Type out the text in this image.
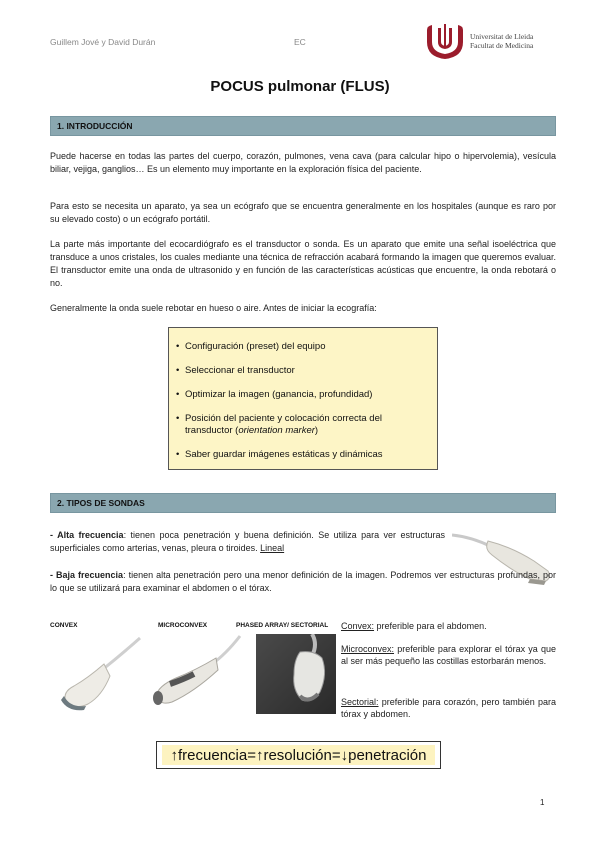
Guillem Jové y David Durán	EC
Universitat de Lleida
Facultat de Medicina
POCUS pulmonar (FLUS)
1. INTRODUCCIÓN
Puede hacerse en todas las partes del cuerpo, corazón, pulmones, vena cava (para calcular hipo o hipervolemia), vesícula biliar, vejiga, ganglios… Es un elemento muy importante en la exploración física del paciente.
Para esto se necesita un aparato, ya sea un ecógrafo que se encuentra generalmente en los hospitales (aunque es raro por su elevado costo) o un ecógrafo portátil.
La parte más importante del ecocardiógrafo es el transductor o sonda. Es un aparato que emite una señal isoeléctrica que transduce a unos cristales, los cuales mediante una técnica de refracción acabará formando la imagen que queremos evaluar. El transductor emite una onda de ultrasonido y en función de las características acústicas que encuentre, la onda rebotará o no.
Generalmente la onda suele rebotar en hueso o aire. Antes de iniciar la ecografía:
• Configuración (preset) del equipo
• Seleccionar el transductor
• Optimizar la imagen (ganancia, profundidad)
• Posición del paciente y colocación correcta del
transductor (orientation marker)
• Saber guardar imágenes estáticas y dinámicas
2. TIPOS DE SONDAS
- Alta frecuencia: tienen poca penetración y buena definición. Se utiliza para ver estructuras superficiales como arterias, venas, pleura o tiroides. Lineal
- Baja frecuencia: tienen alta penetración pero una menor definición de la imagen. Podremos ver estructuras profundas, por lo que se utilizará para examinar el abdomen o el tórax.
CONVEX	MICROCONVEX	PHASED ARRAY/ SECTORIAL Convex: preferible para el abdomen.
Microconvex: preferible para explorar el tórax ya que al ser más pequeño las costillas estorbarán menos.
Sectorial: preferible para corazón, pero también para tórax y abdomen.
↑frecuencia=↑resolución=↓penetración
1
